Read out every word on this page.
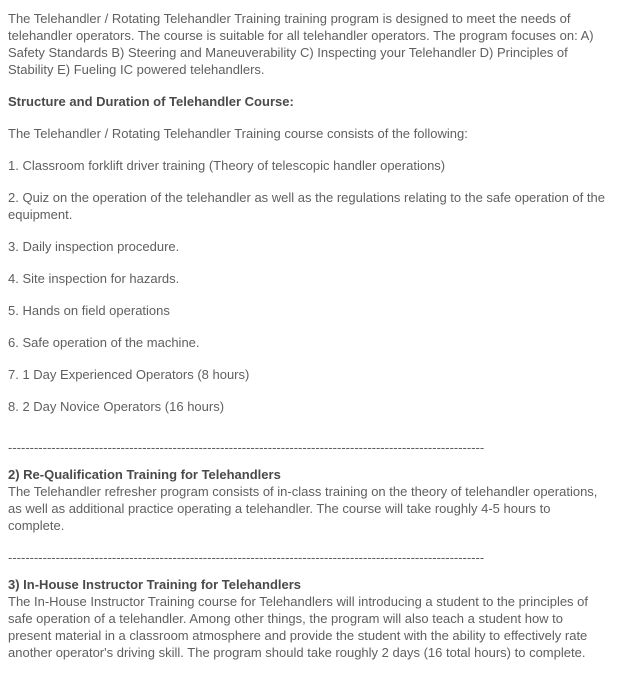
The Telehandler / Rotating Telehandler Training training program is designed to meet the needs of telehandler operators. The course is suitable for all telehandler operators. The program focuses on: A) Safety Standards B) Steering and Maneuverability C) Inspecting your Telehandler D) Principles of Stability E) Fueling IC powered telehandlers.

Structure and Duration of Telehandler Course:

The Telehandler / Rotating Telehandler Training course consists of the following:

1. Classroom forklift driver training (Theory of telescopic handler operations)

2. Quiz on the operation of the telehandler as well as the regulations relating to the safe operation of the equipment.

3. Daily inspection procedure.

4. Site inspection for hazards.

5. Hands on field operations

6. Safe operation of the machine.

7. 1 Day Experienced Operators (8 hours)

8. 2 Day Novice Operators (16 hours)

--------------------------------------------------------------------------------------------------------------

2) Re-Qualification Training for Telehandlers

The Telehandler refresher program consists of in-class training on the theory of telehandler operations, as well as additional practice operating a telehandler. The course will take roughly 4-5 hours to complete.

--------------------------------------------------------------------------------------------------------------

3) In-House Instructor Training for Telehandlers

The In-House Instructor Training course for Telehandlers will introducing a student to the principles of safe operation of a telehandler. Among other things, the program will also teach a student how to present material in a classroom atmosphere and provide the student with the ability to effectively rate another operator's driving skill. The program should take roughly 2 days (16 total hours) to complete.
